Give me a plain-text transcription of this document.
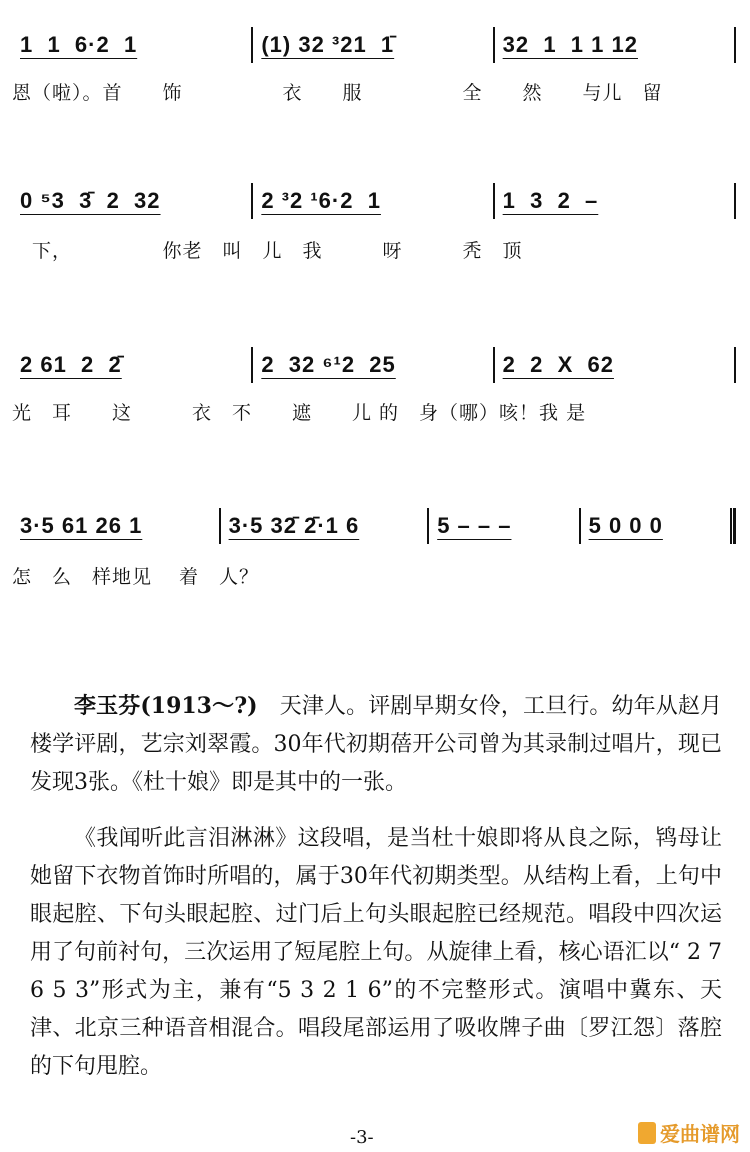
1  1  6·2  1	(1) 32 ³21  1̄	32  1  1 1 12
恩（啦）。首　　饰　　　　　衣　　服　　　　　全　　然　　与儿　留
0 ⁵3  3̄  2  32	2 ³2 ¹6·2  1	1  3  2  –
　下，　　　　　你老　叫　儿　我　　　呀　　　秃　顶
2 61  2  2̄	2  32 ⁶¹2  25	2  2  X  62
光　耳　　这　　　衣　不　　遮　　儿 的　身（哪）咳！我 是
3·5 61 26 1	3·5 32̄ 2̄·1 6	5 – – –	5 0 0 0
怎　么　样地见　 着　人？

李玉芬(1913～?)　天津人。评剧早期女伶，工旦行。幼年从赵月楼学评剧，艺宗刘翠霞。30年代初期蓓开公司曾为其录制过唱片，现已发现3张。《杜十娘》即是其中的一张。

《我闻听此言泪淋淋》这段唱，是当杜十娘即将从良之际，鸨母让她留下衣物首饰时所唱的，属于30年代初期类型。从结构上看，上句中眼起腔、下句头眼起腔、过门后上句头眼起腔已经规范。唱段中四次运用了句前衬句，三次运用了短尾腔上句。从旋律上看，核心语汇以“ 2 7 6 5 3”形式为主，兼有“5 3 2 1 6”的不完整形式。演唱中冀东、天津、北京三种语音相混合。唱段尾部运用了吸收牌子曲〔罗江怨〕落腔的下句甩腔。

-3-	爱曲谱网
